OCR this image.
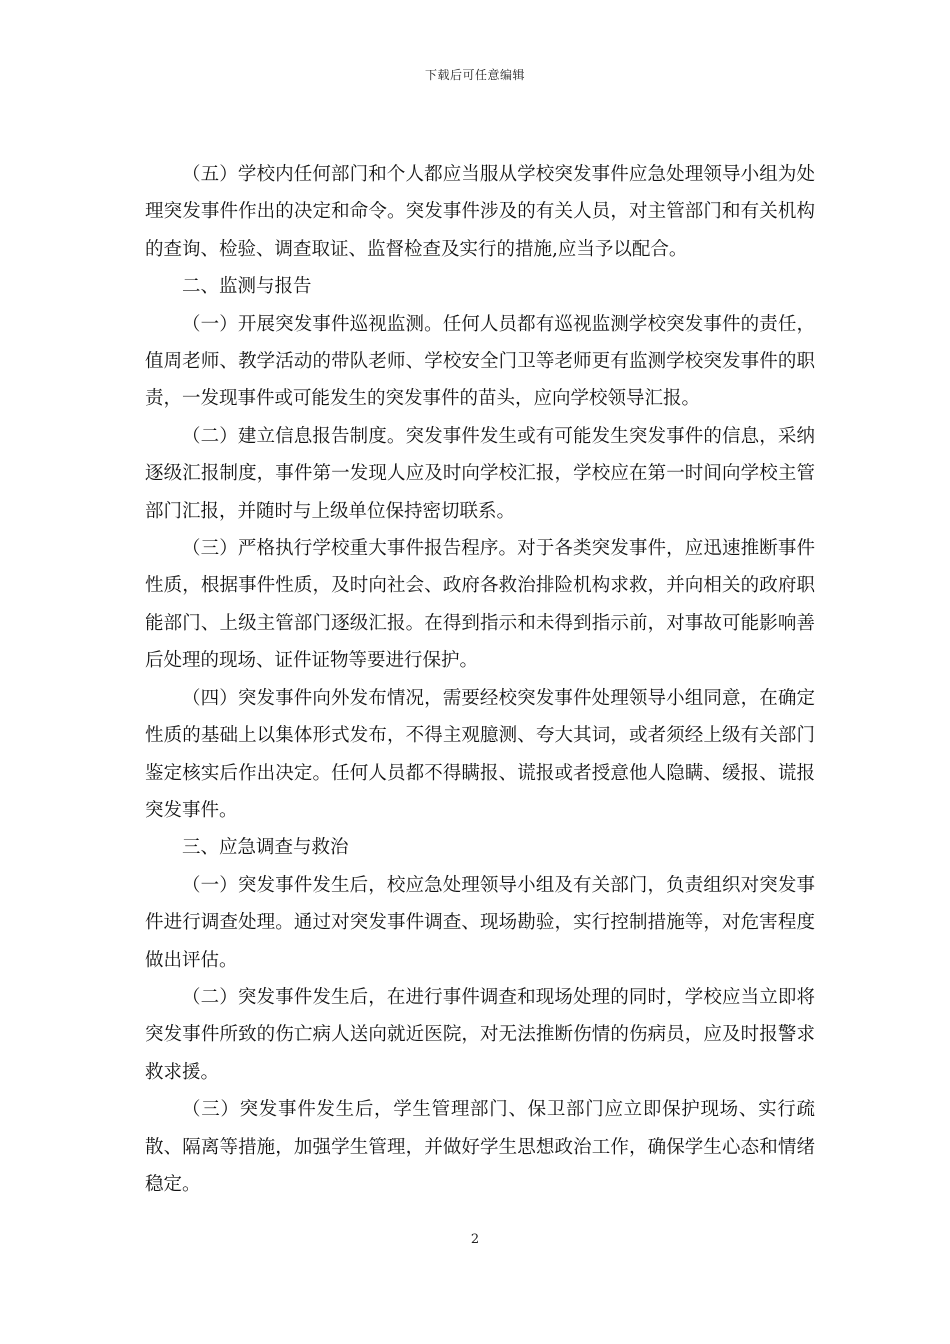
下载后可任意编辑

（五）学校内任何部门和个人都应当服从学校突发事件应急处理领导小组为处理突发事件作出的决定和命令。突发事件涉及的有关人员，对主管部门和有关机构的查询、检验、调查取证、监督检查及实行的措施,应当予以配合。

二、监测与报告

（一）开展突发事件巡视监测。任何人员都有巡视监测学校突发事件的责任，值周老师、教学活动的带队老师、学校安全门卫等老师更有监测学校突发事件的职责，一发现事件或可能发生的突发事件的苗头，应向学校领导汇报。

（二）建立信息报告制度。突发事件发生或有可能发生突发事件的信息，采纳逐级汇报制度，事件第一发现人应及时向学校汇报，学校应在第一时间向学校主管部门汇报，并随时与上级单位保持密切联系。

（三）严格执行学校重大事件报告程序。对于各类突发事件，应迅速推断事件性质，根据事件性质，及时向社会、政府各救治排险机构求救，并向相关的政府职能部门、上级主管部门逐级汇报。在得到指示和未得到指示前，对事故可能影响善后处理的现场、证件证物等要进行保护。

（四）突发事件向外发布情况，需要经校突发事件处理领导小组同意，在确定性质的基础上以集体形式发布，不得主观臆测、夸大其词，或者须经上级有关部门鉴定核实后作出决定。任何人员都不得瞒报、谎报或者授意他人隐瞒、缓报、谎报突发事件。

三、应急调查与救治

（一）突发事件发生后，校应急处理领导小组及有关部门，负责组织对突发事件进行调查处理。通过对突发事件调查、现场勘验，实行控制措施等，对危害程度做出评估。

（二）突发事件发生后，在进行事件调查和现场处理的同时，学校应当立即将突发事件所致的伤亡病人送向就近医院，对无法推断伤情的伤病员，应及时报警求救求援。

（三）突发事件发生后，学生管理部门、保卫部门应立即保护现场、实行疏散、隔离等措施，加强学生管理，并做好学生思想政治工作，确保学生心态和情绪稳定。

2
